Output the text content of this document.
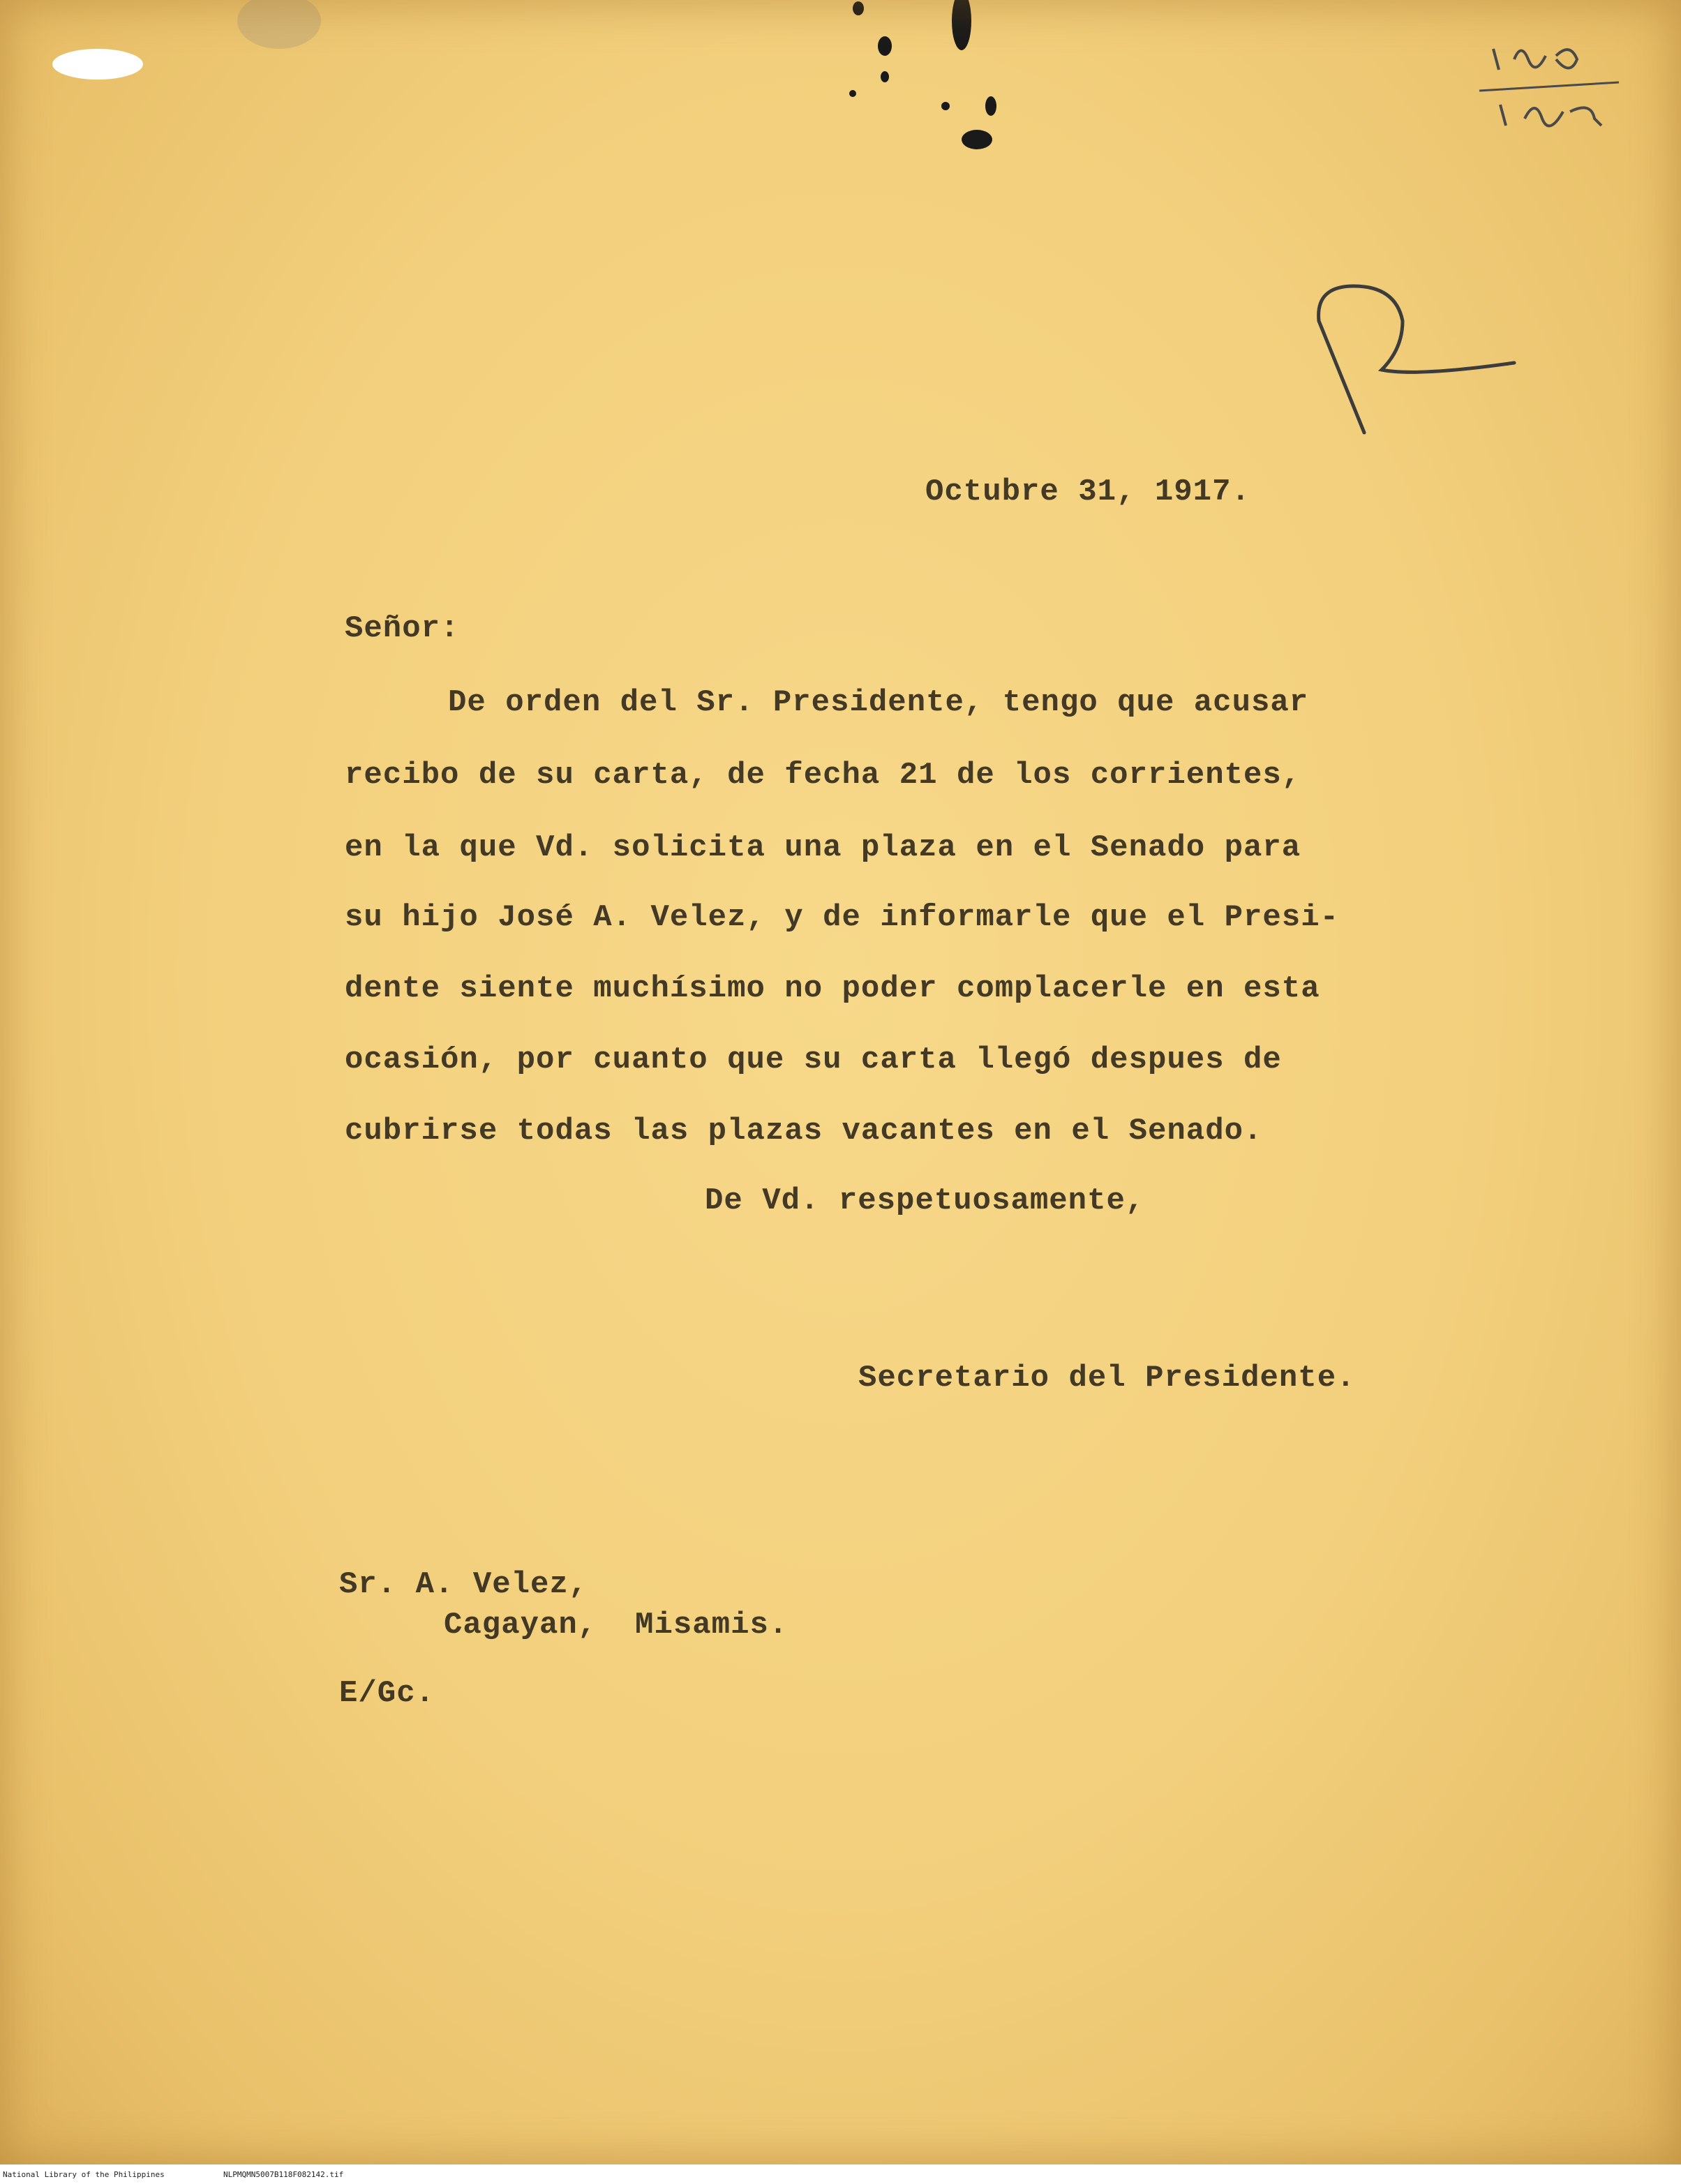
Octubre 31, 1917.
Señor:
De orden del Sr. Presidente, tengo que acusar
recibo de su carta, de fecha 21 de los corrientes,
en la que Vd. solicita una plaza en el Senado para
su hijo José A. Velez, y de informarle que el Presi-
dente siente muchísimo no poder complacerle en esta
ocasión, por cuanto que su carta llegó despues de
cubrirse todas las plazas vacantes en el Senado.
De Vd. respetuosamente,
Secretario del Presidente.
Sr. A. Velez,
Cagayan,  Misamis.
E/Gc.
National Library of the Philippines	NLPMQMN5007B118F082142.tif
